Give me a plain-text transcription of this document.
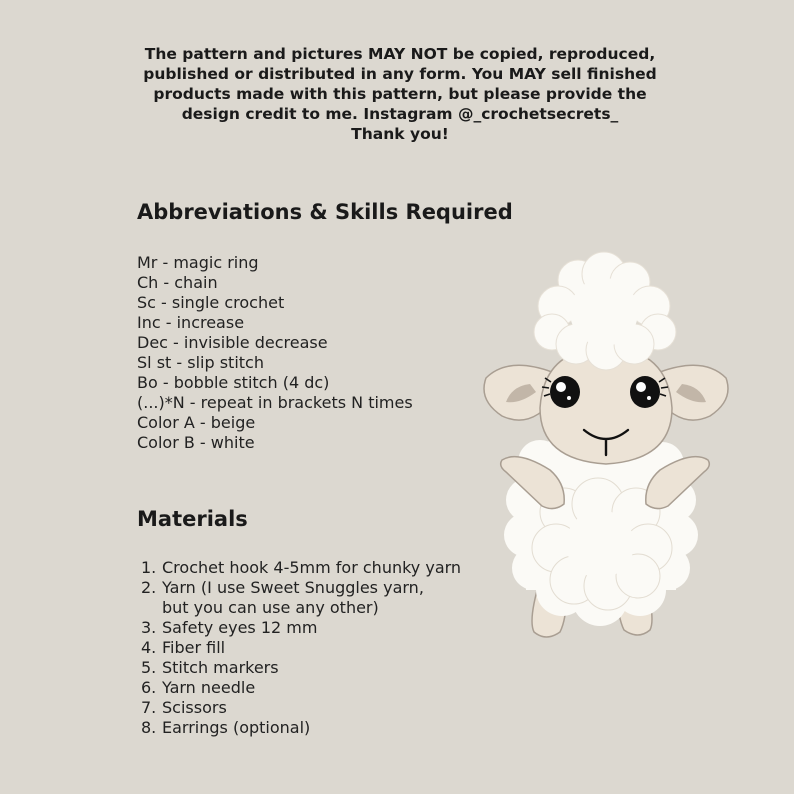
The pattern and pictures MAY NOT be copied, reproduced,
published or distributed in any form. You MAY sell finished
products made with this pattern, but please provide the
design credit to me. Instagram @_crochetsecrets_
Thank you!
Abbreviations & Skills Required
Mr - magic ring
Ch - chain
Sc - single crochet
Inc - increase
Dec - invisible decrease
Sl st - slip stitch
Bo - bobble stitch (4 dc)
(...)*N - repeat in brackets N times
Color A - beige
Color B - white
Materials
1. Crochet hook 4-5mm for chunky yarn
2. Yarn (I use Sweet Snuggles yarn,
but you can use any other)
3. Safety eyes 12 mm
4. Fiber fill
5. Stitch markers
6. Yarn needle
7. Scissors
8. Earrings (optional)
